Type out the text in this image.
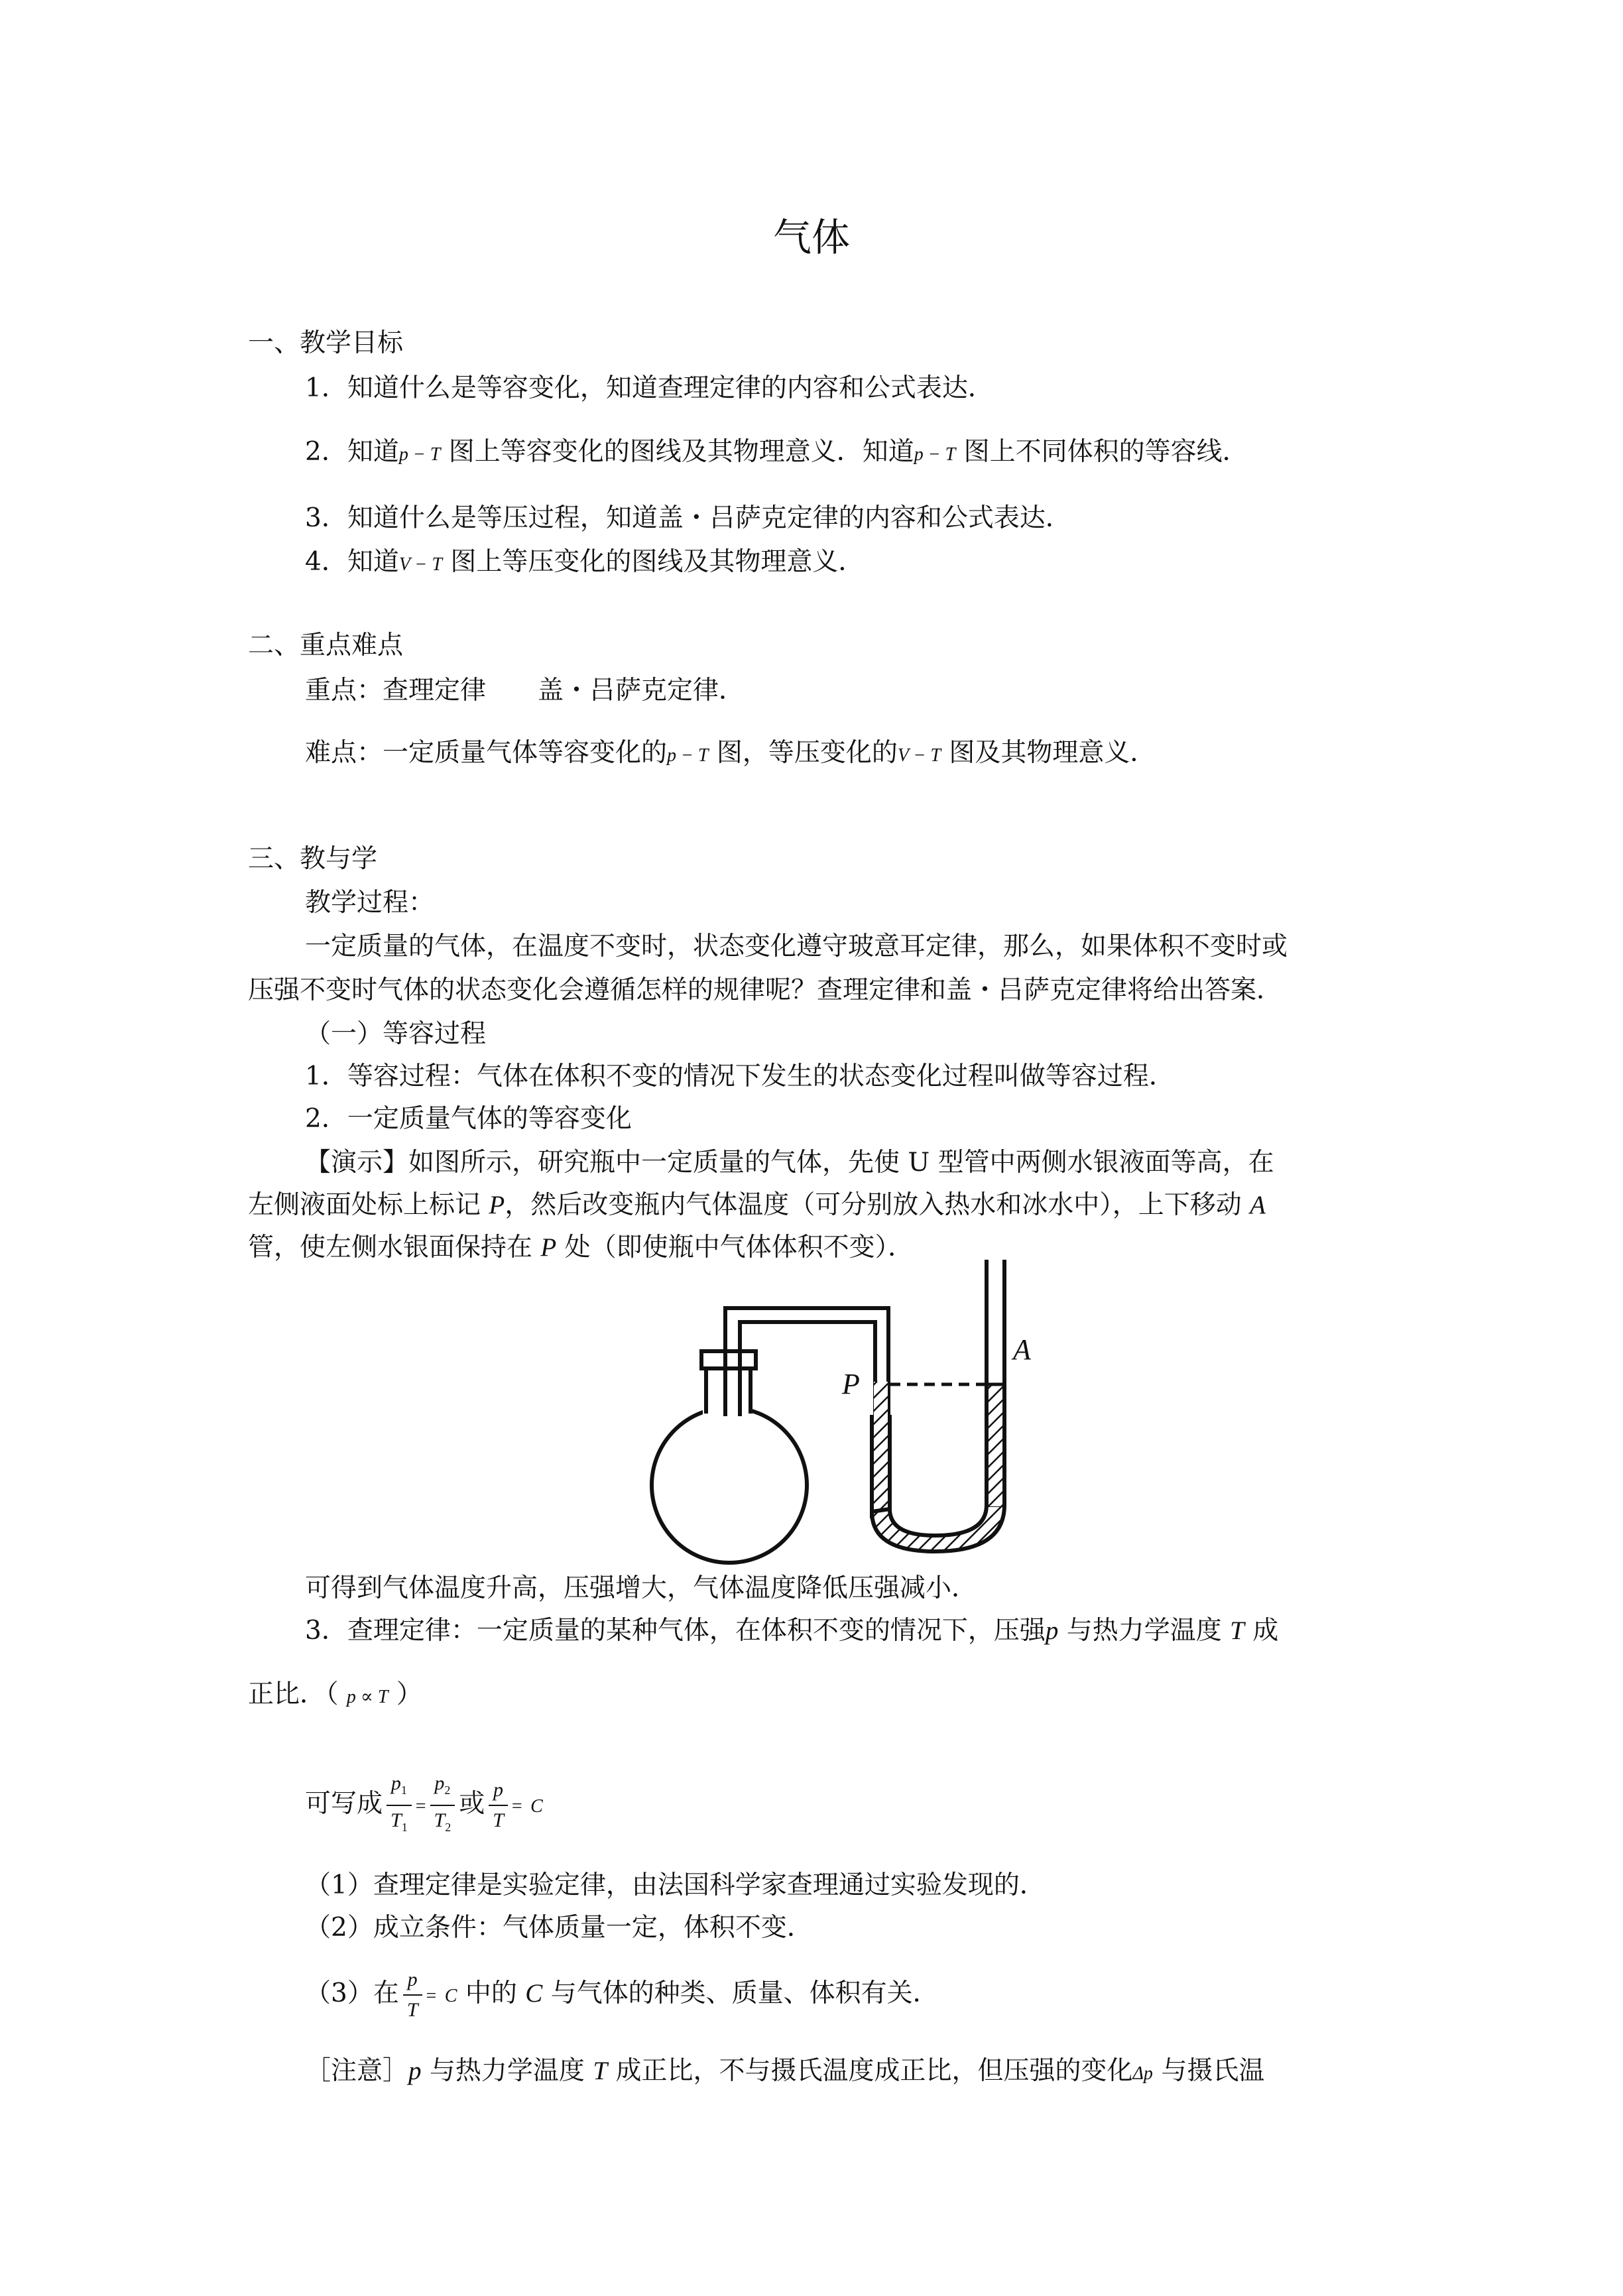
气体
一、教学目标
1．知道什么是等容变化，知道查理定律的内容和公式表达．
2．知道p − T 图上等容变化的图线及其物理意义．知道p − T 图上不同体积的等容线．
3．知道什么是等压过程，知道盖・吕萨克定律的内容和公式表达．
4．知道V − T 图上等压变化的图线及其物理意义．
二、重点难点
重点：查理定律　　盖・吕萨克定律．
难点：一定质量气体等容变化的p − T 图，等压变化的V − T 图及其物理意义．
三、教与学
教学过程：
一定质量的气体，在温度不变时，状态变化遵守玻意耳定律，那么，如果体积不变时或
压强不变时气体的状态变化会遵循怎样的规律呢？查理定律和盖・吕萨克定律将给出答案．
（一）等容过程
1．等容过程：气体在体积不变的情况下发生的状态变化过程叫做等容过程．
2．一定质量气体的等容变化
【演示】如图所示，研究瓶中一定质量的气体，先使 U 型管中两侧水银液面等高，在
左侧液面处标上标记 P，然后改变瓶内气体温度（可分别放入热水和冰水中），上下移动 A
管，使左侧水银面保持在 P 处（即使瓶中气体体积不变）．
P
A
可得到气体温度升高，压强增大，气体温度降低压强减小．
3．查理定律：一定质量的某种气体，在体积不变的情况下，压强p 与热力学温度 T 成
正比．（ p ∝ T ）
可写成 $\frac{p_1}{T_1} = \frac{p_2}{T_2}$ 或 $\frac{p}{T} = C$
（1）查理定律是实验定律，由法国科学家查理通过实验发现的．
（2）成立条件：气体质量一定，体积不变．
（3）在 $\frac{p}{T} = C$ 中的 C 与气体的种类、质量、体积有关．
［注意］p 与热力学温度 T 成正比，不与摄氏温度成正比，但压强的变化Δp 与摄氏温
